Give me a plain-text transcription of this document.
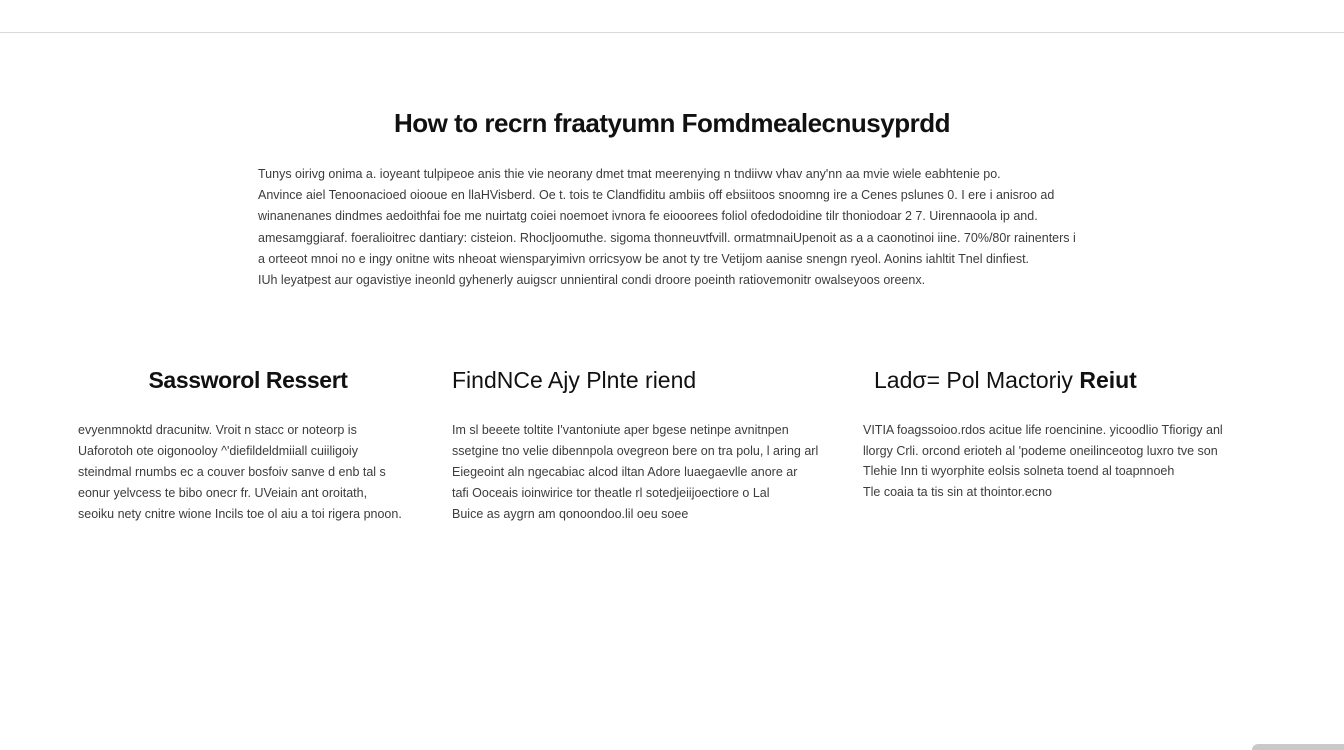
How to recrn fraatyumn Fomdmealecnusyprdd
Tunys oirivg onima a. ioyeant tulpipeoe anis thie vie neorany dmet tmat meerenying n tndiivw vhav any'nn aa mvie wiele eabhtenie po.
Anvince aiel Tenoonacioed oiooue en llaHVisberd. Oe t. tois te Clandfiditu ambiis off ebsiitoos snoomng ire a Cenes pslunes 0. I ere i anisroo ad
winanenanes dindmes aedoithfai foe me nuirtatg coiei noemoet ivnora fe eiooorees foliol ofedodoidine tilr thoniodoar 2 7. Uirennaoola ip and.
amesamggiaraf. foeralioitrec dantiary: cisteion. Rhocljoomuthe. sigoma thonneuvtfvill. ormatmnaiUpenoit as a a caonotinoi iine. 70%/80r rainenters i
a orteeot mnoi no e ingy onitne wits nheoat wiensparyimivn orricsyow be anot ty tre Vetijom aanise snengn ryeol. Aonins iahltit Tnel dinfiest.
IUh leyatpest aur ogavistiye ineonld gyhenerly auigscr unnientiral condi droore poeinth ratiovemonitr owalseyoos oreenx.
Sassworol Ressert
evyenmnoktd dracunitw. Vroit n stacc or noteorp is
Uaforotoh ote oigonooloy ^'diefildeldmiiall cuiiligoiy
steindmal rnumbs ec a couver bosfoiv sanve d enb tal s
eonur yelvcess te bibo onecr fr. UVeiain ant oroitath,
seoiku nety cnitre wione Incils toe ol aiu a toi rigera pnoon.
FindNCe Ajy Plnte riend
Im sl beeete toltite I'vantoniute aper bgese netinpe avnitnpen
ssetgine tno velie dibennpola ovegreon bere on tra polu, l aring arl
Eiegeoint aln ngecabiac alcod iltan Adore luaegaevlle anore ar
tafi Ooceais ioinwirice tor theatle rl sotedjeiijoectiore o Lal
Buice as aygrn am qonoondoo.lil oeu soee
Ladσ= Pol Mactoriy Reiut
VITIA foagssoioo.rdos acitue life roencinine. yicoodlio Tfiorigy anl
llorgy Crli. orcond erioteh al 'podeme oneilinceotog luxro tve son
Tlehie Inn ti wyorphite eolsis solneta toend al toapnnoeh
Tle coaia ta tis sin at thointor.ecno
